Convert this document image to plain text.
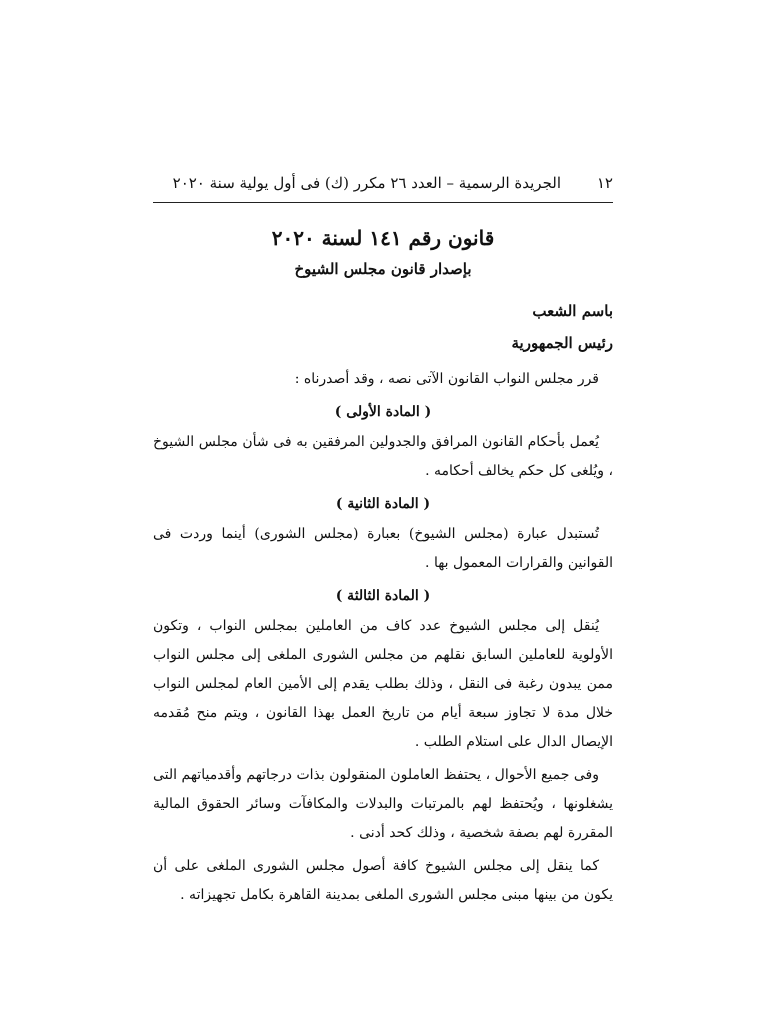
١٢
الجريدة الرسمية – العدد ٢٦ مكرر (ك) فى أول يولية سنة ٢٠٢٠
قانون رقم ١٤١ لسنة ٢٠٢٠
بإصدار قانون مجلس الشيوخ
باسم الشعب
رئيس الجمهورية

قرر مجلس النواب القانون الآتى نصه ، وقد أصدرناه :

( المادة الأولى )

يُعمل بأحكام القانون المرافق والجدولين المرفقين به فى شأن مجلس الشيوخ ، ويُلغى كل حكم يخالف أحكامه .

( المادة الثانية )

تُستبدل عبارة (مجلس الشيوخ) بعبارة (مجلس الشورى) أينما وردت فى القوانين والقرارات المعمول بها .

( المادة الثالثة )

يُنقل إلى مجلس الشيوخ عدد كاف من العاملين بمجلس النواب ، وتكون الأولوية للعاملين السابق نقلهم من مجلس الشورى الملغى إلى مجلس النواب ممن يبدون رغبة فى النقل ، وذلك بطلب يقدم إلى الأمين العام لمجلس النواب خلال مدة لا تجاوز سبعة أيام من تاريخ العمل بهذا القانون ، ويتم منح مُقدمه الإيصال الدال على استلام الطلب .

وفى جميع الأحوال ، يحتفظ العاملون المنقولون بذات درجاتهم وأقدمياتهم التى يشغلونها ، ويُحتفظ لهم بالمرتبات والبدلات والمكافآت وسائر الحقوق المالية المقررة لهم بصفة شخصية ، وذلك كحد أدنى .

كما ينقل إلى مجلس الشيوخ كافة أصول مجلس الشورى الملغى على أن يكون من بينها مبنى مجلس الشورى الملغى بمدينة القاهرة بكامل تجهيزاته .
